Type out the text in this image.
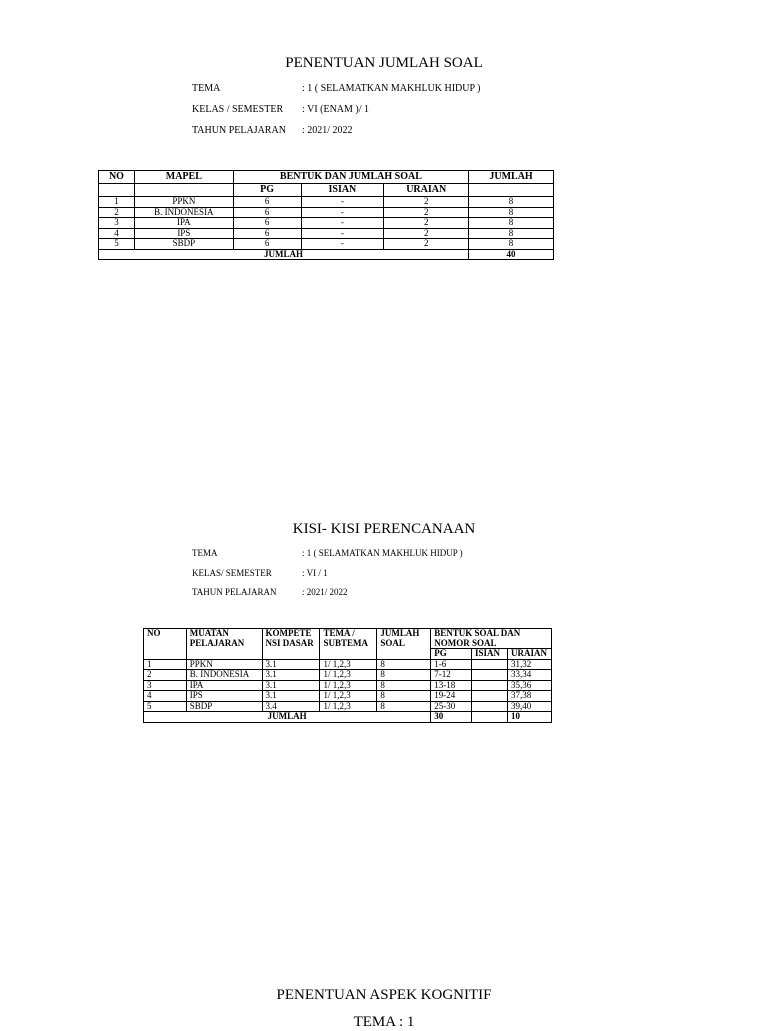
PENENTUAN JUMLAH SOAL
TEMA	: 1 ( SELAMATKAN MAKHLUK HIDUP )
KELAS / SEMESTER : VI (ENAM )/ 1
TAHUN PELAJARAN : 2021/ 2022
NO	MAPEL	BENTUK DAN JUMLAH SOAL			JUMLAH
		PG	ISIAN	URAIAN	
1	PPKN	6	-	2	8
2	B. INDONESIA	6	-	2	8
3	IPA	6	-	2	8
4	IPS	6	-	2	8
5	SBDP	6	-	2	8
JUMLAH					40
KISI- KISI PERENCANAAN
TEMA	: 1 ( SELAMATKAN MAKHLUK HIDUP )
KELAS/ SEMESTER	: VI / 1
TAHUN PELAJARAN	: 2021/ 2022
NO	MUATAN PELAJARAN	KOMPETE NSI DASAR	TEMA / SUBTEMA	JUMLAH SOAL	BENTUK SOAL DAN NOMOR SOAL		
					PG	ISIAN	URAIAN
1	PPKN	3.1	1/ 1,2,3	8	1-6		31,32
2	B. INDONESIA	3.1	1/ 1,2,3	8	7-12		33,34
3	IPA	3.1	1/ 1,2,3	8	13-18		35,36
4	IPS	3.1	1/ 1,2,3	8	19-24		37,38
5	SBDP	3.4	1/ 1,2,3	8	25-30		39,40
JUMLAH					30		10
PENENTUAN ASPEK KOGNITIF
TEMA : 1
